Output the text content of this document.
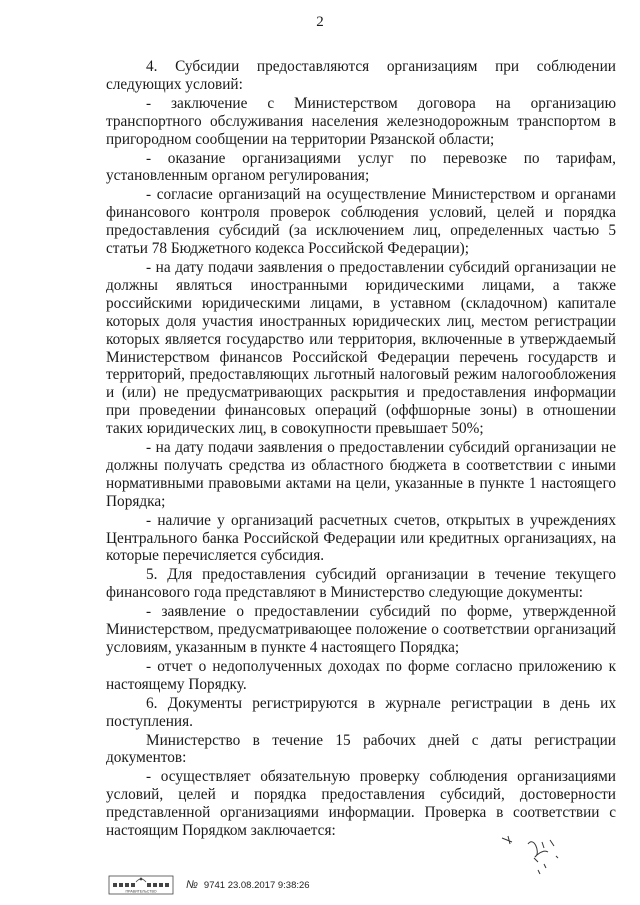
2

4. Субсидии предоставляются организациям при соблюдении следующих условий:

- заключение с Министерством договора на организацию транспортного обслуживания населения железнодорожным транспортом в пригородном сообщении на территории Рязанской области;

- оказание организациями услуг по перевозке по тарифам, установленным органом регулирования;

- согласие организаций на осуществление Министерством и органами финансового контроля проверок соблюдения условий, целей и порядка предоставления субсидий (за исключением лиц, определенных частью 5 статьи 78 Бюджетного кодекса Российской Федерации);

- на дату подачи заявления о предоставлении субсидий организации не должны являться иностранными юридическими лицами, а также российскими юридическими лицами, в уставном (складочном) капитале которых доля участия иностранных юридических лиц, местом регистрации которых является государство или территория, включенные в утверждаемый Министерством финансов Российской Федерации перечень государств и территорий, предоставляющих льготный налоговый режим налогообложения и (или) не предусматривающих раскрытия и предоставления информации при проведении финансовых операций (оффшорные зоны) в отношении таких юридических лиц, в совокупности превышает 50%;

- на дату подачи заявления о предоставлении субсидий организации не должны получать средства из областного бюджета в соответствии с иными нормативными правовыми актами на цели, указанные в пункте 1 настоящего Порядка;

- наличие у организаций расчетных счетов, открытых в учреждениях Центрального банка Российской Федерации или кредитных организациях, на которые перечисляется субсидия.

5. Для предоставления субсидий организации в течение текущего финансового года представляют в Министерство следующие документы:

- заявление о предоставлении субсидий по форме, утвержденной Министерством, предусматривающее положение о соответствии организаций условиям, указанным в пункте 4 настоящего Порядка;

- отчет о недополученных доходах по форме согласно приложению к настоящему Порядку.

6. Документы регистрируются в журнале регистрации в день их поступления.

Министерство в течение 15 рабочих дней с даты регистрации документов:

- осуществляет обязательную проверку соблюдения организациями условий, целей и порядка предоставления субсидий, достоверности представленной организациями информации. Проверка в соответствии с настоящим Порядком заключается:

ПРАВИТЕЛЬСТВО
№ 9741 23.08.2017 9:38:26
